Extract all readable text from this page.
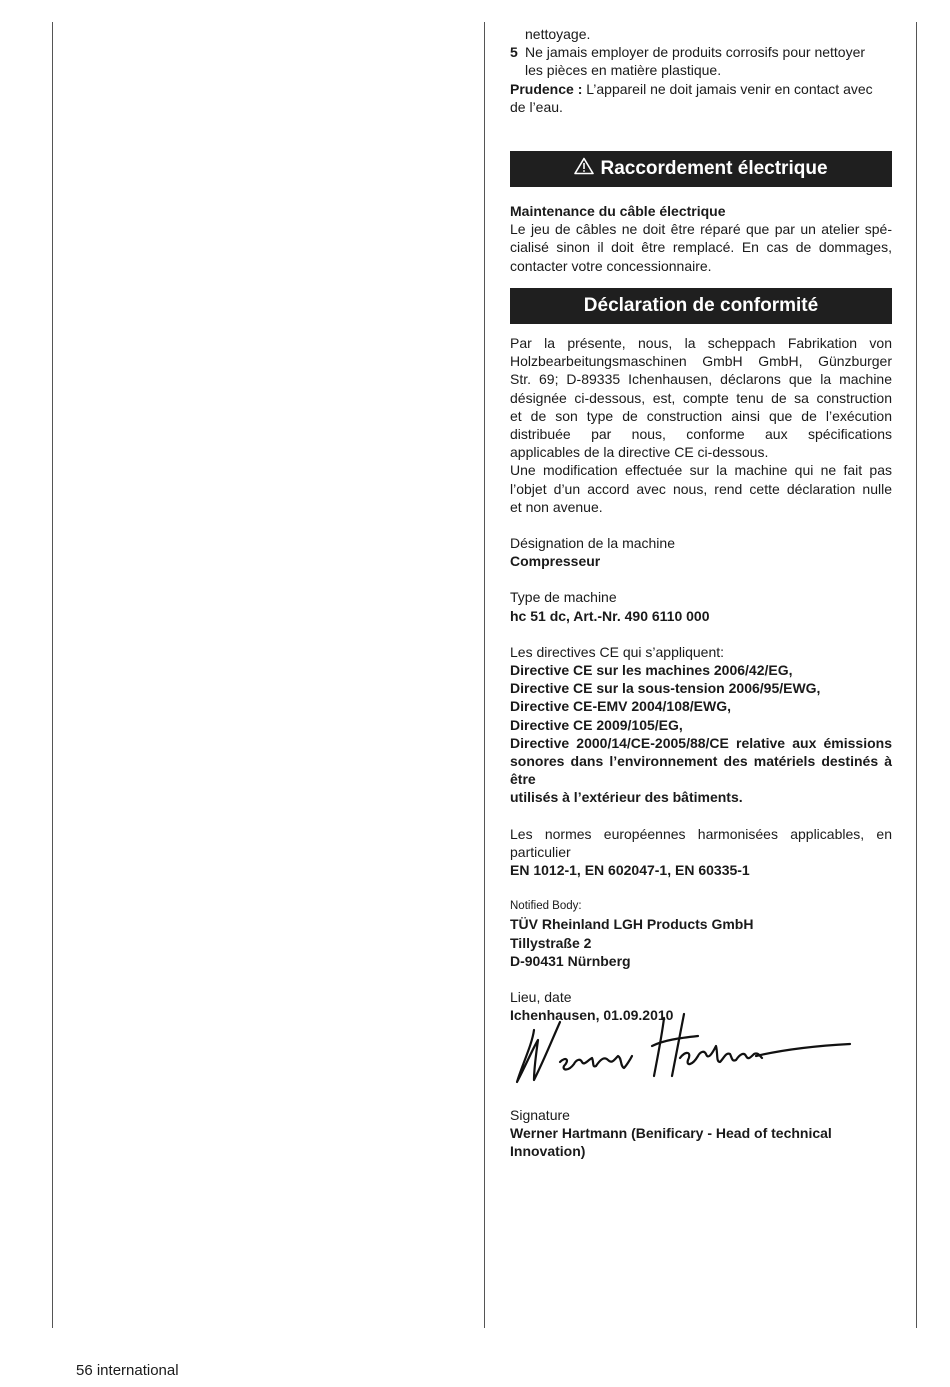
nettoyage.
5 Ne jamais employer de produits corrosifs pour nettoyer
les pièces en matière plastique.
Prudence : L’appareil ne doit jamais venir en contact avec
de l’eau.
Raccordement électrique
Maintenance du câble électrique
Le jeu de câbles ne doit être réparé que par un atelier spé-
cialisé sinon il doit être remplacé. En cas de dommages,
contacter votre concessionnaire.
Déclaration de conformité
Par la présente, nous, la scheppach Fabrikation von
Holzbearbeitungsmaschinen GmbH GmbH, Günzburger
Str. 69; D-89335 Ichenhausen, déclarons que la machine
désignée ci-dessous, est, compte tenu de sa construction
et de son type de construction ainsi que de l’exécution
distribuée par nous, conforme aux spécifications
applicables de la directive CE ci-dessous.
Une modification effectuée sur la machine qui ne fait pas
l’objet d’un accord avec nous, rend cette déclaration nulle
et non avenue.
Désignation de la machine
Compresseur
Type de machine
hc 51 dc, Art.-Nr. 490 6110 000
Les directives CE qui s’appliquent:
Directive CE sur les machines 2006/42/EG,
Directive CE sur la sous-tension 2006/95/EWG,
Directive CE-EMV 2004/108/EWG,
Directive CE 2009/105/EG,
Directive 2000/14/CE-2005/88/CE relative aux émissions
sonores dans l’environnement des matériels destinés à être
utilisés à l’extérieur des bâtiments.
Les normes européennes harmonisées applicables, en
particulier
EN 1012-1, EN 602047-1, EN 60335-1
Notified Body:
TÜV Rheinland LGH Products GmbH
Tillystraße 2
D-90431 Nürnberg
Lieu, date
Ichenhausen, 01.09.2010
Signature
Werner Hartmann (Benificary - Head of technical Innovation)
56 international
